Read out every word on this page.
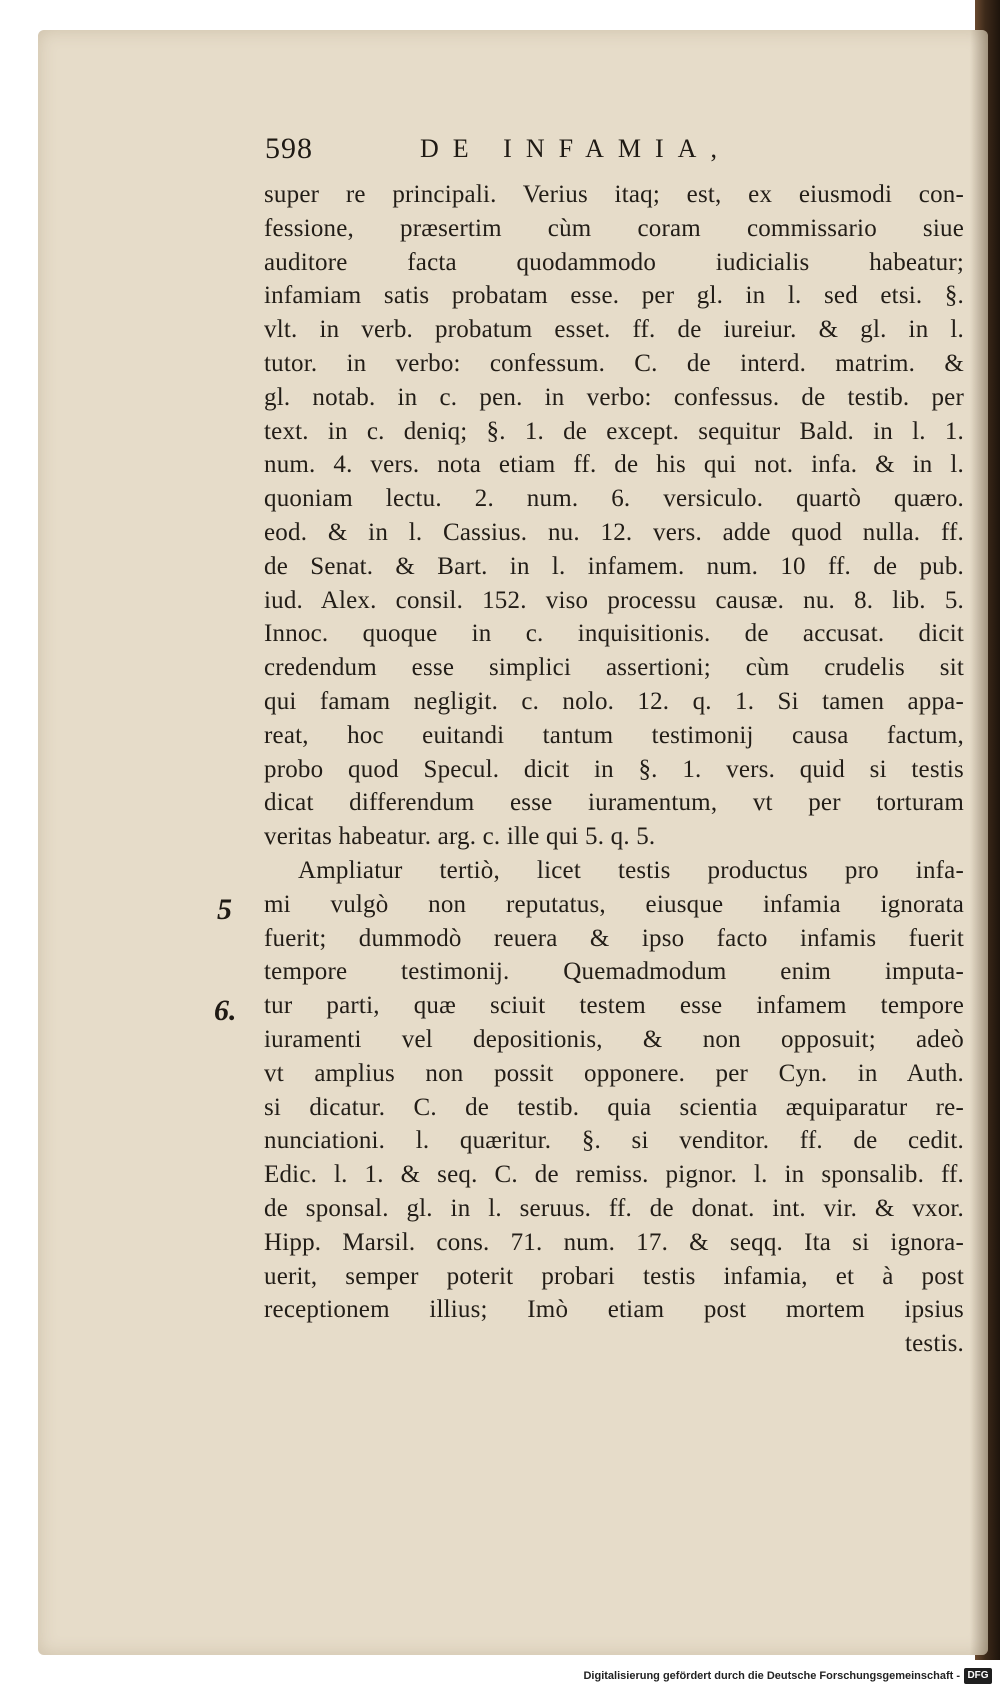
598	DE INFAMIA,
5
6.
super re principali. Verius itaq; est, ex eiusmodi con-
fessione, præsertim cùm coram commissario siue
auditore facta quodammodo iudicialis habeatur;
infamiam satis probatam esse. per gl. in l. sed etsi. §.
vlt. in verb. probatum esset. ff. de iureiur. & gl. in l.
tutor. in verbo: confessum. C. de interd. matrim. &
gl. notab. in c. pen. in verbo: confessus. de testib. per
text. in c. deniq; §. 1. de except. sequitur Bald. in l. 1.
num. 4. vers. nota etiam ff. de his qui not. infa. & in l.
quoniam lectu. 2. num. 6. versiculo. quartò quæro.
eod. & in l. Cassius. nu. 12. vers. adde quod nulla. ff.
de Senat. & Bart. in l. infamem. num. 10 ff. de pub.
iud. Alex. consil. 152. viso processu causæ. nu. 8. lib. 5.
Innoc. quoque in c. inquisitionis. de accusat. dicit
credendum esse simplici assertioni; cùm crudelis sit
qui famam negligit. c. nolo. 12. q. 1. Si tamen appa-
reat, hoc euitandi tantum testimonij causa factum,
probo quod Specul. dicit in §. 1. vers. quid si testis
dicat differendum esse iuramentum, vt per torturam
veritas habeatur. arg. c. ille qui 5. q. 5.
Ampliatur tertiò, licet testis productus pro infa-
mi vulgò non reputatus, eiusque infamia ignorata
fuerit; dummodò reuera & ipso facto infamis fuerit
tempore testimonij. Quemadmodum enim imputa-
tur parti, quæ sciuit testem esse infamem tempore
iuramenti vel depositionis, & non opposuit; adeò
vt amplius non possit opponere. per Cyn. in Auth.
si dicatur. C. de testib. quia scientia æquiparatur re-
nunciationi. l. quæritur. §. si venditor. ff. de cedit.
Edic. l. 1. & seq. C. de remiss. pignor. l. in sponsalib. ff.
de sponsal. gl. in l. seruus. ff. de donat. int. vir. & vxor.
Hipp. Marsil. cons. 71. num. 17. & seqq. Ita si ignora-
uerit, semper poterit probari testis infamia, et à post
receptionem illius; Imò etiam post mortem ipsius
testis.
Digitalisierung gefördert durch die Deutsche Forschungsgemeinschaft - DFG
